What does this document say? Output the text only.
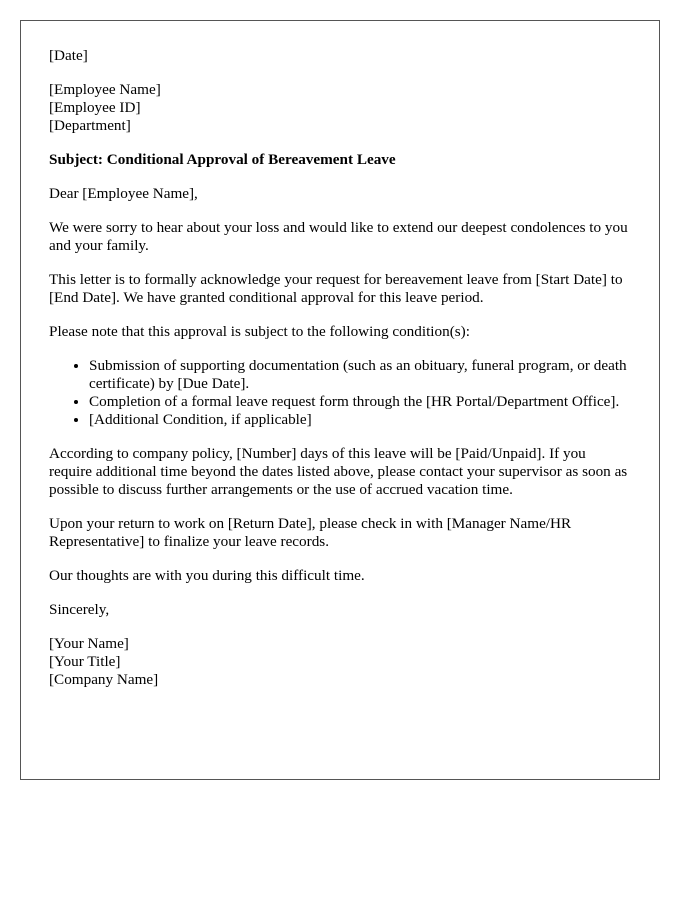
[Date]

[Employee Name]
[Employee ID]
[Department]

Subject: Conditional Approval of Bereavement Leave

Dear [Employee Name],

We were sorry to hear about your loss and would like to extend our deepest condolences to you and your family.

This letter is to formally acknowledge your request for bereavement leave from [Start Date] to [End Date]. We have granted conditional approval for this leave period.

Please note that this approval is subject to the following condition(s):

• Submission of supporting documentation (such as an obituary, funeral program, or death certificate) by [Due Date].
• Completion of a formal leave request form through the [HR Portal/Department Office].
• [Additional Condition, if applicable]

According to company policy, [Number] days of this leave will be [Paid/Unpaid]. If you require additional time beyond the dates listed above, please contact your supervisor as soon as possible to discuss further arrangements or the use of accrued vacation time.

Upon your return to work on [Return Date], please check in with [Manager Name/HR Representative] to finalize your leave records.

Our thoughts are with you during this difficult time.

Sincerely,

[Your Name]
[Your Title]
[Company Name]
